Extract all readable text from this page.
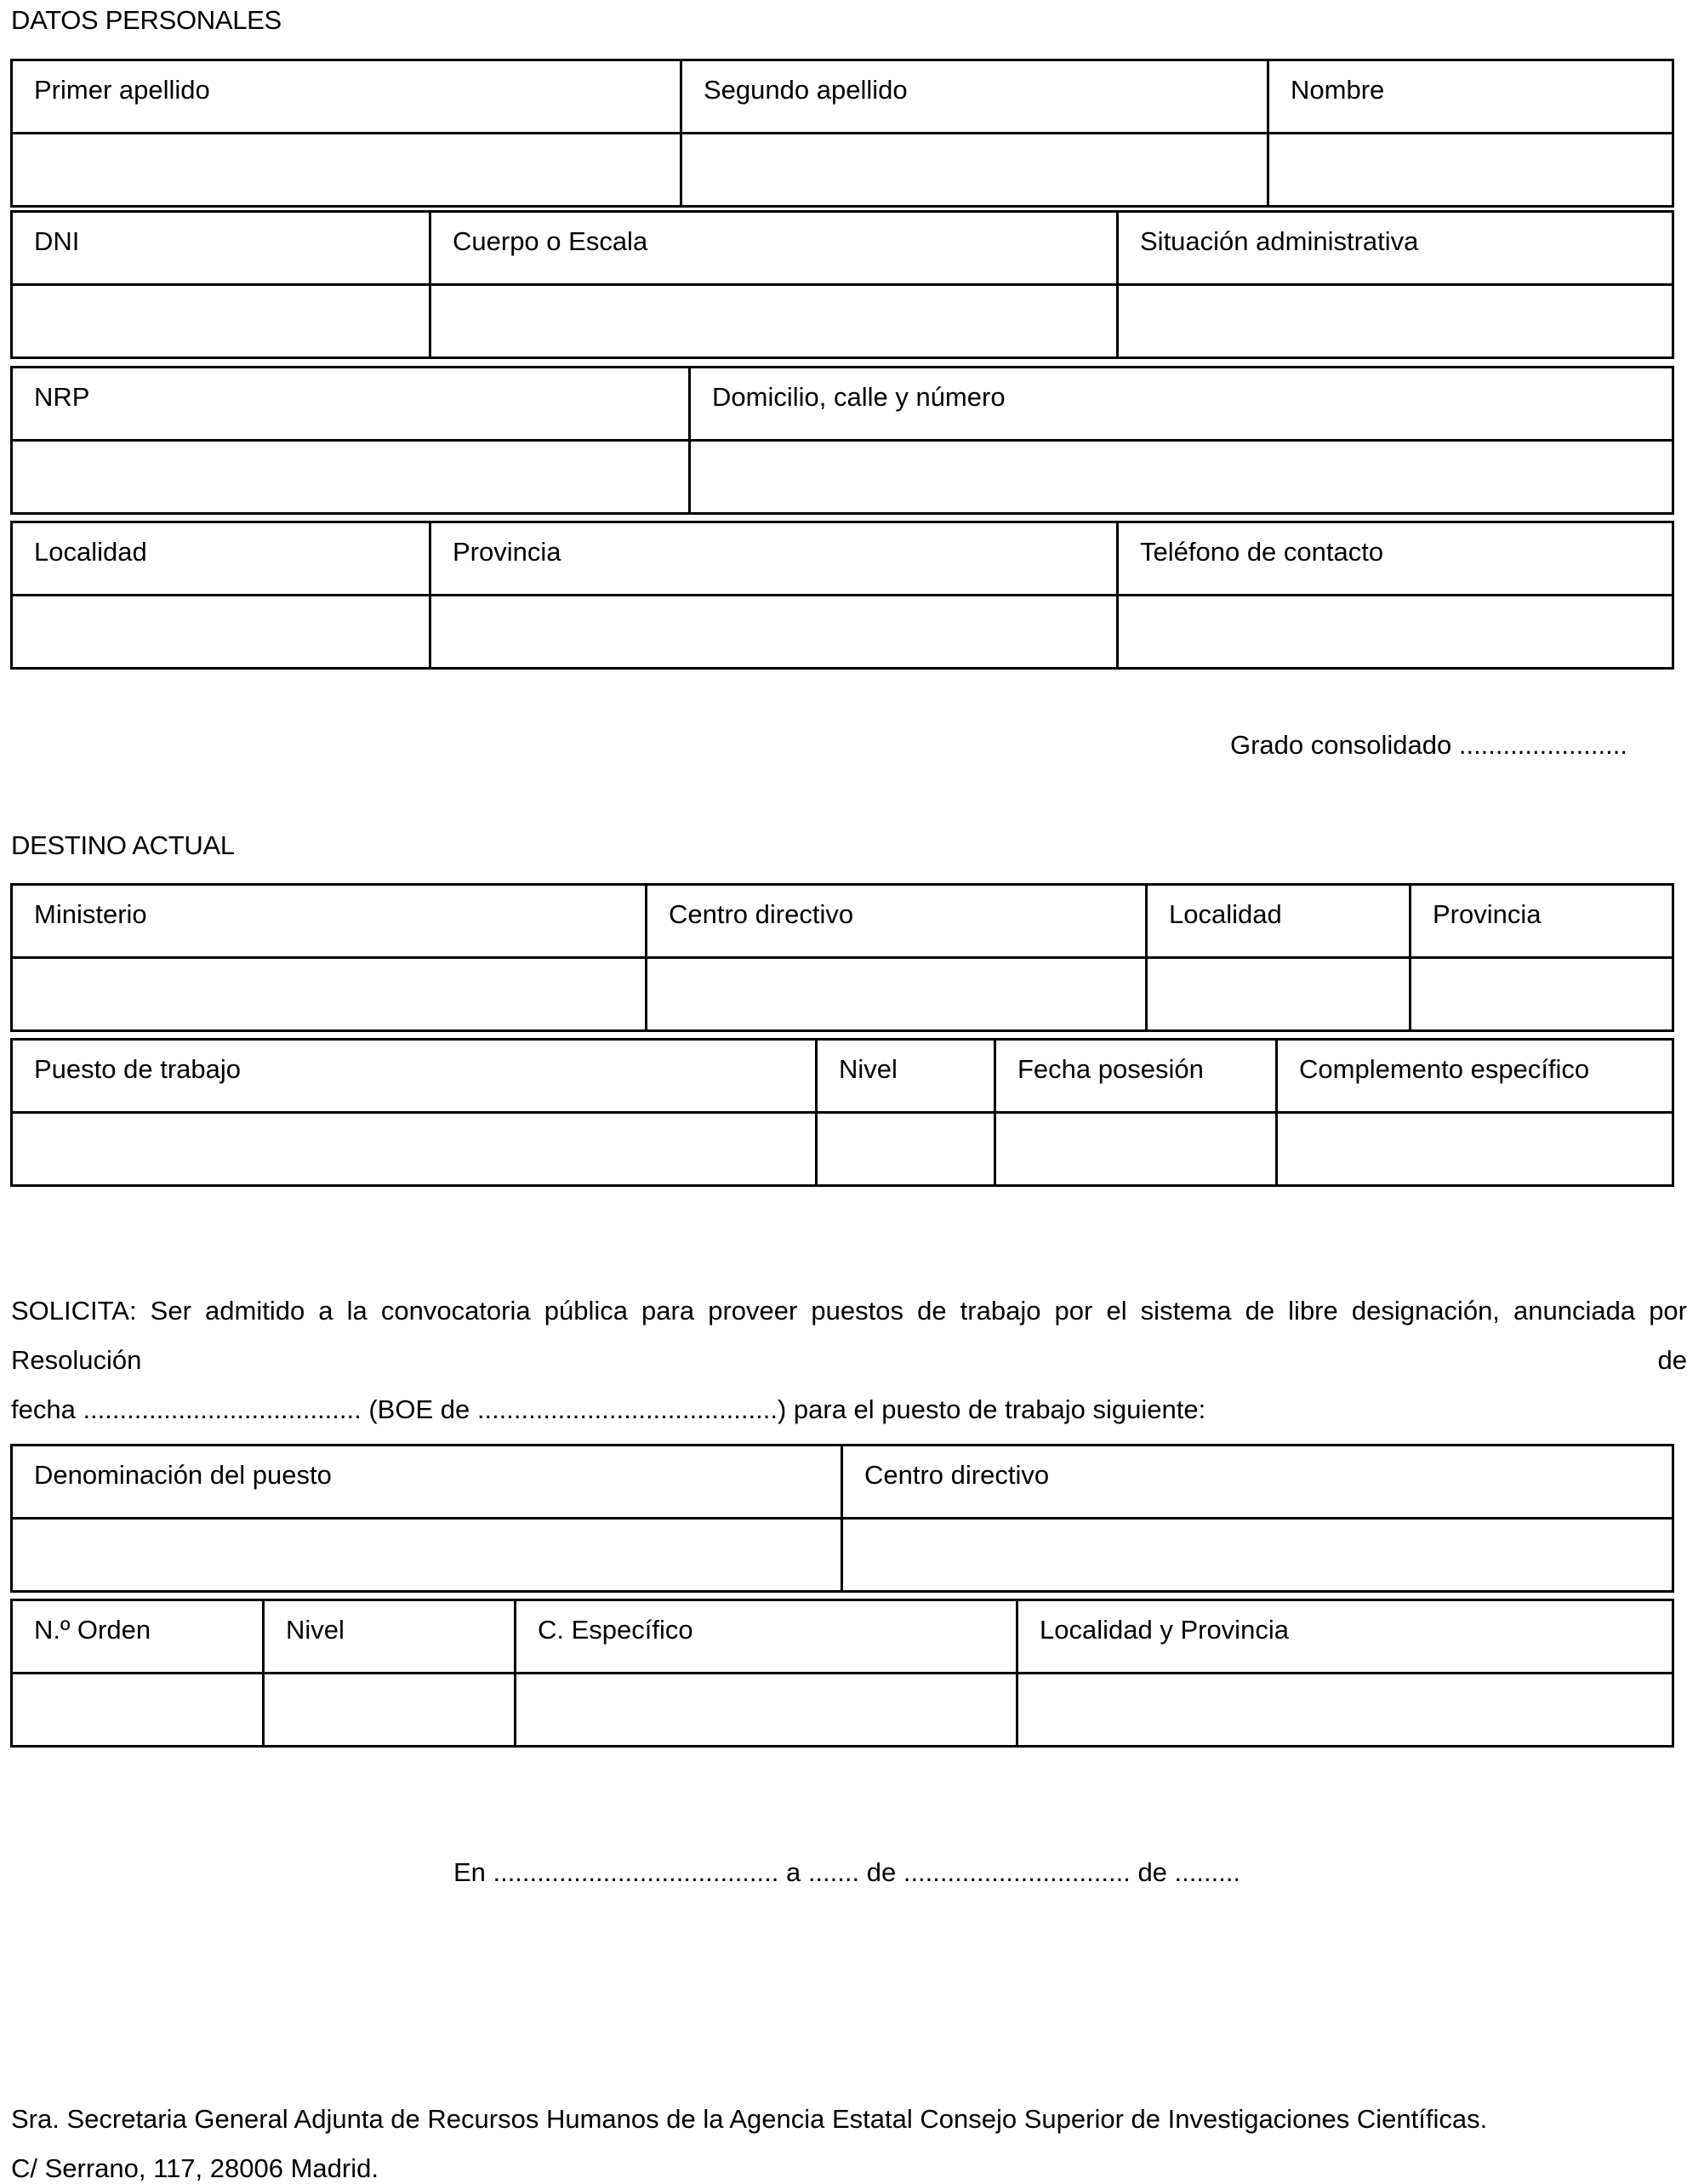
DATOS PERSONALES
Primer apellido	Segundo apellido	Nombre

DNI	Cuerpo o Escala	Situación administrativa

NRP	Domicilio, calle y número

Localidad	Provincia	Teléfono de contacto

Grado consolidado .......................
DESTINO ACTUAL
Ministerio	Centro directivo	Localidad	Provincia

Puesto de trabajo	Nivel	Fecha posesión	Complemento específico

SOLICITA: Ser admitido a la convocatoria pública para proveer puestos de trabajo por el sistema de libre designación, anunciada por Resolución de
fecha ...................................... (BOE de .........................................) para el puesto de trabajo siguiente:
Denominación del puesto	Centro directivo

N.º Orden	Nivel	C. Específico	Localidad y Provincia

En ....................................... a ....... de ............................... de .........
Sra. Secretaria General Adjunta de Recursos Humanos de la Agencia Estatal Consejo Superior de Investigaciones Científicas.
C/ Serrano, 117, 28006 Madrid.
